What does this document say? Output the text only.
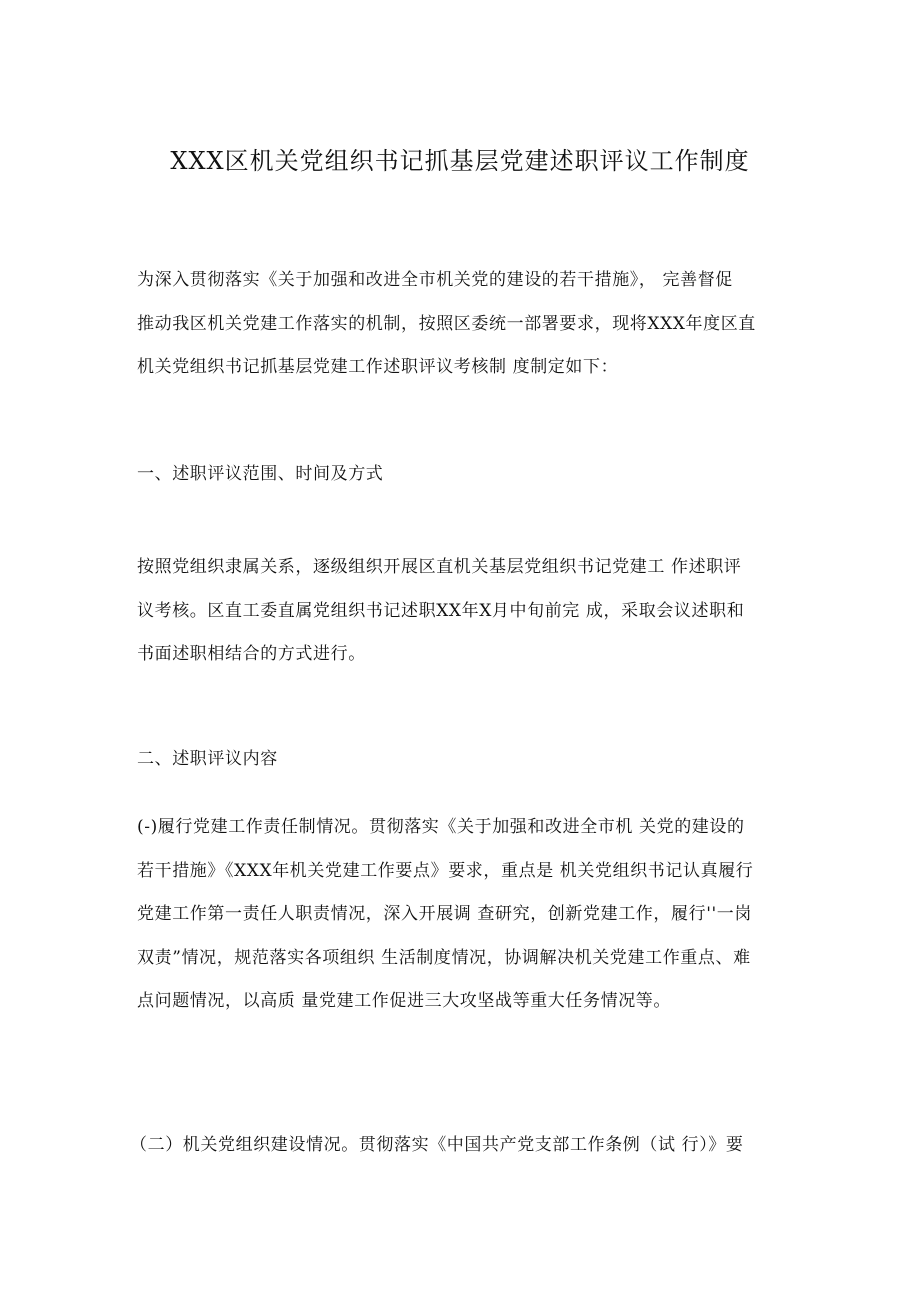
XXX区机关党组织书记抓基层党建述职评议工作制度
为深入贯彻落实《关于加强和改进全市机关党的建设的若干措施》， 完善督促
推动我区机关党建工作落实的机制，按照区委统一部署要求，现将XXX年度区直
机关党组织书记抓基层党建工作述职评议考核制 度制定如下：
一、述职评议范围、时间及方式
按照党组织隶属关系，逐级组织开展区直机关基层党组织书记党建工 作述职评
议考核。区直工委直属党组织书记述职XX年X月中旬前完 成，采取会议述职和
书面述职相结合的方式进行。
二、述职评议内容
(-)履行党建工作责任制情况。贯彻落实《关于加强和改进全市机 关党的建设的
若干措施》《XXX年机关党建工作要点》要求，重点是 机关党组织书记认真履行
党建工作第一责任人职责情况，深入开展调 查研究，创新党建工作，履行''一岗
双责”情况，规范落实各项组织 生活制度情况，协调解决机关党建工作重点、难
点问题情况，以高质 量党建工作促进三大攻坚战等重大任务情况等。
（二）机关党组织建设情况。贯彻落实《中国共产党支部工作条例（试 行）》要
